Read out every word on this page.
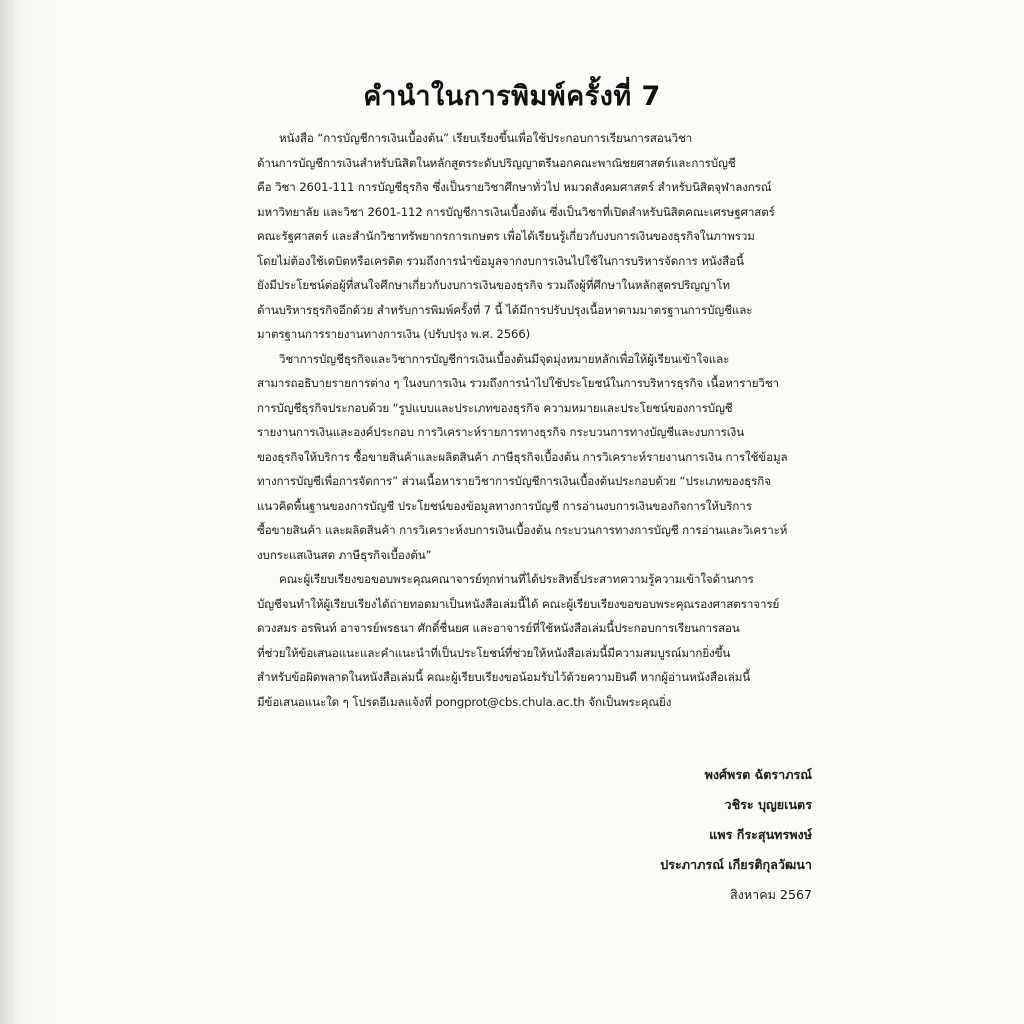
คำนำในการพิมพ์ครั้งที่ 7

หนังสือ “การบัญชีการเงินเบื้องต้น” เรียบเรียงขึ้นเพื่อใช้ประกอบการเรียนการสอนวิชา
ด้านการบัญชีการเงินสำหรับนิสิตในหลักสูตรระดับปริญญาตรีนอกคณะพาณิชยศาสตร์และการบัญชี
คือ วิชา 2601-111 การบัญชีธุรกิจ ซึ่งเป็นรายวิชาศึกษาทั่วไป หมวดสังคมศาสตร์ สำหรับนิสิตจุฬาลงกรณ์
มหาวิทยาลัย และวิชา 2601-112 การบัญชีการเงินเบื้องต้น ซึ่งเป็นวิชาที่เปิดสำหรับนิสิตคณะเศรษฐศาสตร์
คณะรัฐศาสตร์ และสำนักวิชาทรัพยากรการเกษตร เพื่อได้เรียนรู้เกี่ยวกับงบการเงินของธุรกิจในภาพรวม
โดยไม่ต้องใช้เดบิตหรือเครดิต รวมถึงการนำข้อมูลจากงบการเงินไปใช้ในการบริหารจัดการ หนังสือนี้
ยังมีประโยชน์ต่อผู้ที่สนใจศึกษาเกี่ยวกับงบการเงินของธุรกิจ รวมถึงผู้ที่ศึกษาในหลักสูตรปริญญาโท
ด้านบริหารธุรกิจอีกด้วย สำหรับการพิมพ์ครั้งที่ 7 นี้ ได้มีการปรับปรุงเนื้อหาตามมาตรฐานการบัญชีและ
มาตรฐานการรายงานทางการเงิน (ปรับปรุง พ.ศ. 2566)

วิชาการบัญชีธุรกิจและวิชาการบัญชีการเงินเบื้องต้นมีจุดมุ่งหมายหลักเพื่อให้ผู้เรียนเข้าใจและ
สามารถอธิบายรายการต่าง ๆ ในงบการเงิน รวมถึงการนำไปใช้ประโยชน์ในการบริหารธุรกิจ เนื้อหารายวิชา
การบัญชีธุรกิจประกอบด้วย “รูปแบบและประเภทของธุรกิจ ความหมายและประโยชน์ของการบัญชี
รายงานการเงินและองค์ประกอบ การวิเคราะห์รายการทางธุรกิจ กระบวนการทางบัญชีและงบการเงิน
ของธุรกิจให้บริการ ซื้อขายสินค้าและผลิตสินค้า ภาษีธุรกิจเบื้องต้น การวิเคราะห์รายงานการเงิน การใช้ข้อมูล
ทางการบัญชีเพื่อการจัดการ” ส่วนเนื้อหารายวิชาการบัญชีการเงินเบื้องต้นประกอบด้วย “ประเภทของธุรกิจ
แนวคิดพื้นฐานของการบัญชี ประโยชน์ของข้อมูลทางการบัญชี การอ่านงบการเงินของกิจการให้บริการ
ซื้อขายสินค้า และผลิตสินค้า การวิเคราะห์งบการเงินเบื้องต้น กระบวนการทางการบัญชี การอ่านและวิเคราะห์
งบกระแสเงินสด ภาษีธุรกิจเบื้องต้น”

คณะผู้เรียบเรียงขอขอบพระคุณคณาจารย์ทุกท่านที่ได้ประสิทธิ์ประสาทความรู้ความเข้าใจด้านการ
บัญชีจนทำให้ผู้เรียบเรียงได้ถ่ายทอดมาเป็นหนังสือเล่มนี้ได้ คณะผู้เรียบเรียงขอขอบพระคุณรองศาสตราจารย์
ดวงสมร อรพินท์ อาจารย์พรธนา ศักดิ์ชื่นยศ และอาจารย์ที่ใช้หนังสือเล่มนี้ประกอบการเรียนการสอน
ที่ช่วยให้ข้อเสนอแนะและคำแนะนำที่เป็นประโยชน์ที่ช่วยให้หนังสือเล่มนี้มีความสมบูรณ์มากยิ่งขึ้น
สำหรับข้อผิดพลาดในหนังสือเล่มนี้ คณะผู้เรียบเรียงขอน้อมรับไว้ด้วยความยินดี หากผู้อ่านหนังสือเล่มนี้
มีข้อเสนอแนะใด ๆ โปรดอีเมลแจ้งที่ pongprot@cbs.chula.ac.th จักเป็นพระคุณยิ่ง

พงศ์พรต ฉัตราภรณ์
วชิระ บุญยเนตร
แพร กีระสุนทรพงษ์
ประภาภรณ์ เกียรติกุลวัฒนา
สิงหาคม 2567
